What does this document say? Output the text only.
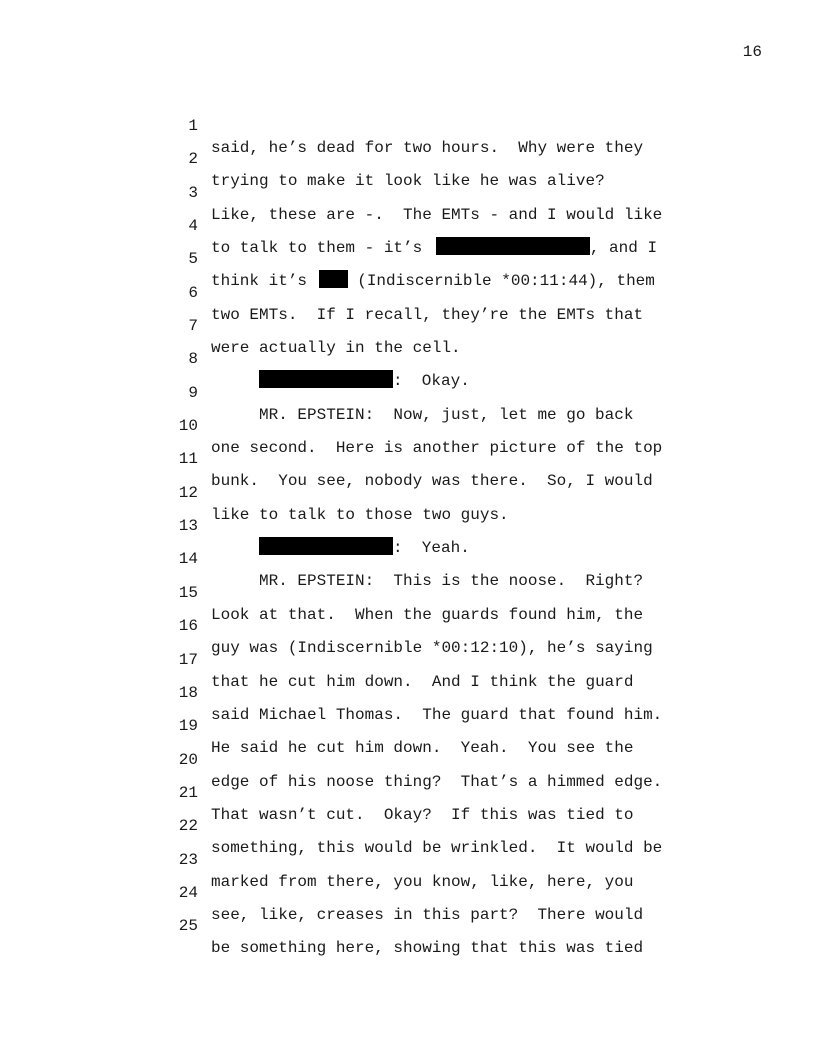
16

1

said, he’s dead for two hours.  Why were they

2

trying to make it look like he was alive?

3

Like, these are -.  The EMTs - and I would like

4

to talk to them - it’s	, and I

5

think it’s  (Indiscernible *00:11:44), them

6

two EMTs.  If I recall, they’re the EMTs that

7

were actually in the cell.

8

:  Okay.

9

MR. EPSTEIN:  Now, just, let me go back

10

one second.  Here is another picture of the top

11

bunk.  You see, nobody was there.  So, I would

12

like to talk to those two guys.

13

:  Yeah.

14

MR. EPSTEIN:  This is the noose.  Right?

15

Look at that.  When the guards found him, the

16

guy was (Indiscernible *00:12:10), he’s saying

17

that he cut him down.  And I think the guard

18

said Michael Thomas.  The guard that found him.

19

He said he cut him down.  Yeah.  You see the

20

edge of his noose thing?  That’s a himmed edge.

21

That wasn’t cut.  Okay?  If this was tied to

22

something, this would be wrinkled.  It would be

23

marked from there, you know, like, here, you

24

see, like, creases in this part?  There would

25

be something here, showing that this was tied
